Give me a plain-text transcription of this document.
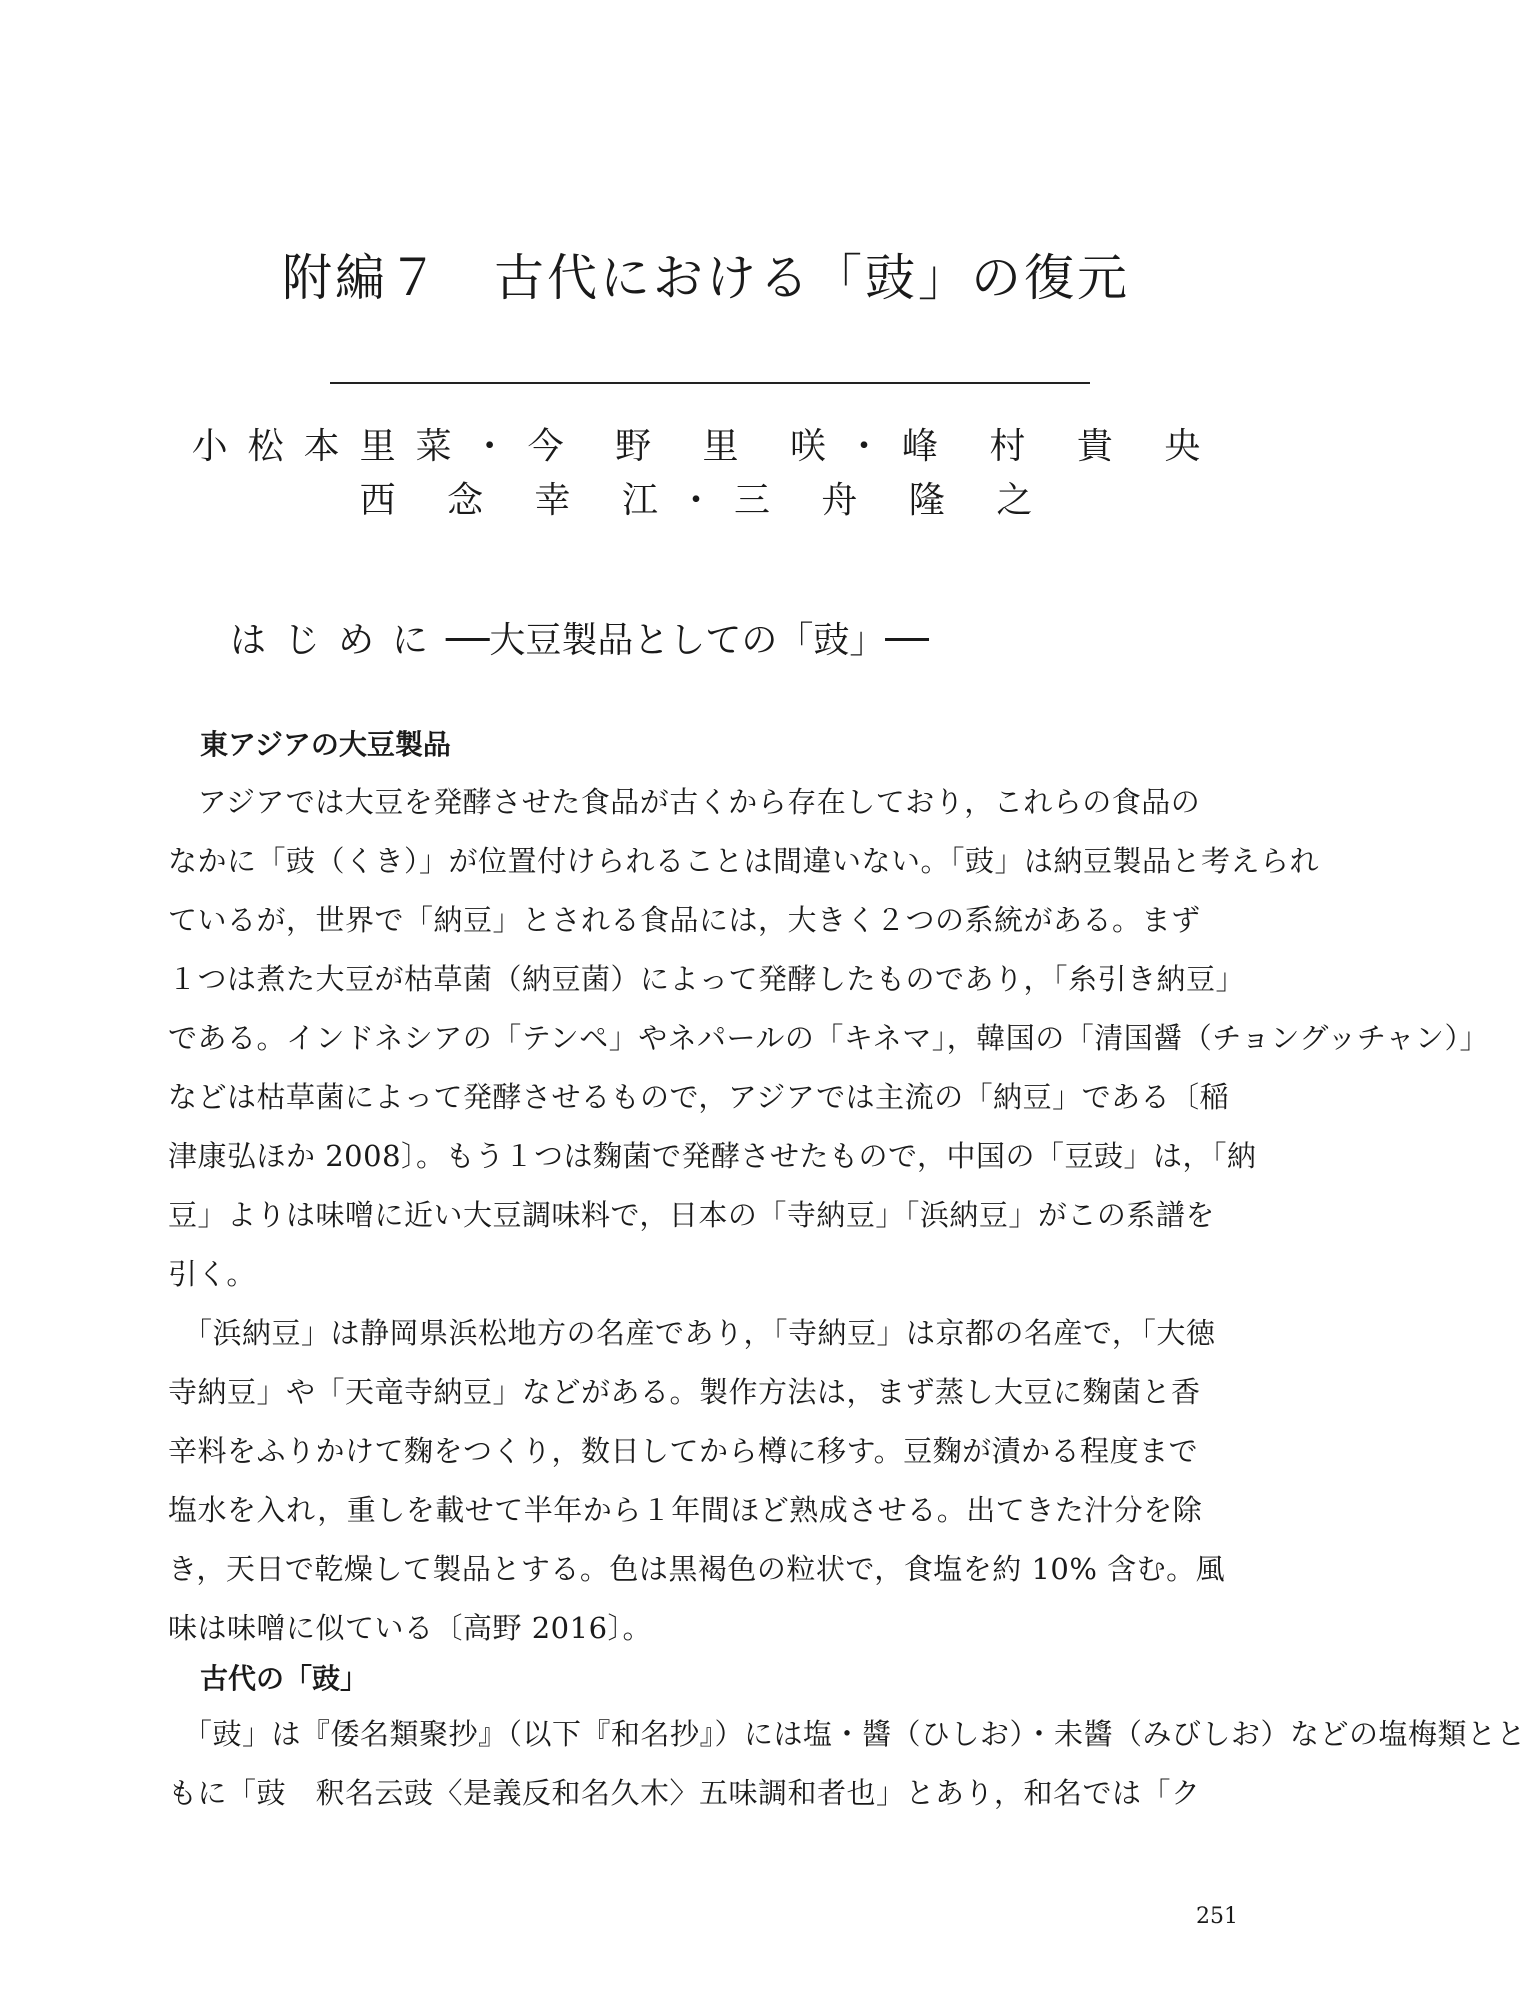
附編７　古代における「豉」の復元
小松本里菜・今 野 里 咲・峰 村 貴 央
西 念 幸 江・三 舟 隆 之
はじめに──大豆製品としての「豉」──
東アジアの大豆製品
　アジアでは大豆を発酵させた食品が古くから存在しており，これらの食品の
なかに「豉（くき）」が位置付けられることは間違いない。「豉」は納豆製品と考えられ
ているが，世界で「納豆」とされる食品には，大きく２つの系統がある。まず
１つは煮た大豆が枯草菌（納豆菌）によって発酵したものであり，「糸引き納豆」
である。インドネシアの「テンペ」やネパールの「キネマ」，韓国の「清国醤（チョングッチャン）」
などは枯草菌によって発酵させるもので，アジアでは主流の「納豆」である〔稲
津康弘ほか 2008〕。もう１つは麴菌で発酵させたもので，中国の「豆豉」は，「納
豆」よりは味噌に近い大豆調味料で，日本の「寺納豆」「浜納豆」がこの系譜を
引く。
　「浜納豆」は静岡県浜松地方の名産であり，「寺納豆」は京都の名産で，「大徳
寺納豆」や「天竜寺納豆」などがある。製作方法は，まず蒸し大豆に麴菌と香
辛料をふりかけて麴をつくり，数日してから樽に移す。豆麴が漬かる程度まで
塩水を入れ，重しを載せて半年から１年間ほど熟成させる。出てきた汁分を除
き，天日で乾燥して製品とする。色は黒褐色の粒状で，食塩を約 10% 含む。風
味は味噌に似ている〔高野 2016〕。
古代の「豉」
　「豉」は『倭名類聚抄』（以下『和名抄』）には塩・醬（ひしお）・未醬（みびしお）などの塩梅類とと
もに「豉　釈名云豉〈是義反和名久木〉五味調和者也」とあり，和名では「ク
251
